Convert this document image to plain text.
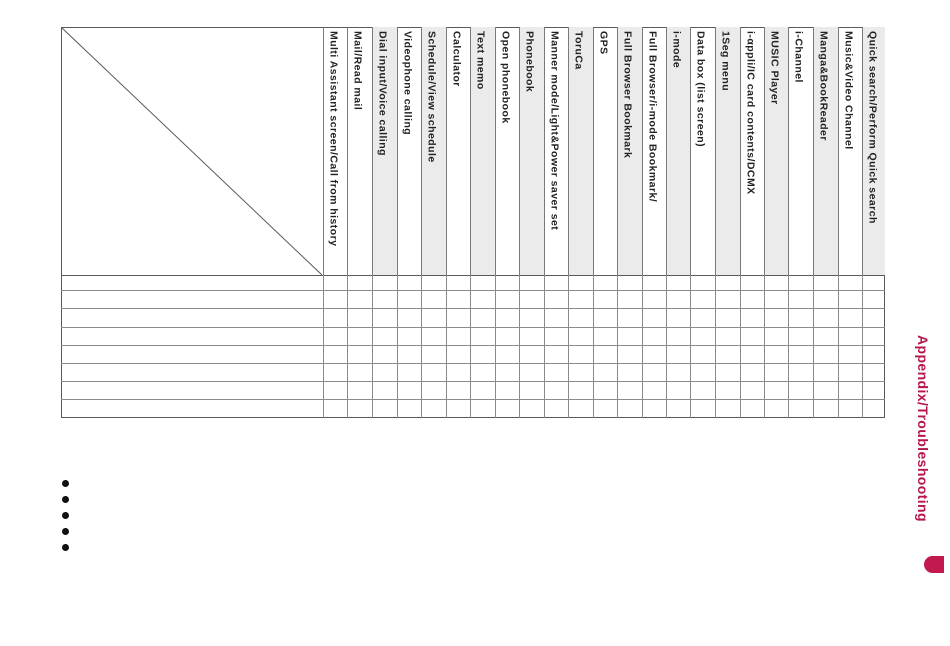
Quick search/Perform Quick search
Music&Video Channel
Manga&BookReader
i-Channel
MUSIC Player
i-αppli/IC card contents/DCMX
1Seg menu
Data box (list screen)
i-mode
Full Browser/i-mode Bookmark/
Full Browser Bookmark
GPS
ToruCa
Manner mode/Light&Power saver set
Phonebook
Open phonebook
Text memo
Calculator
Schedule/View schedule
Videophone calling
Dial input/Voice calling
Mail/Read mail
Multi Assistant screen/Call from history
Appendix/Troubleshooting
